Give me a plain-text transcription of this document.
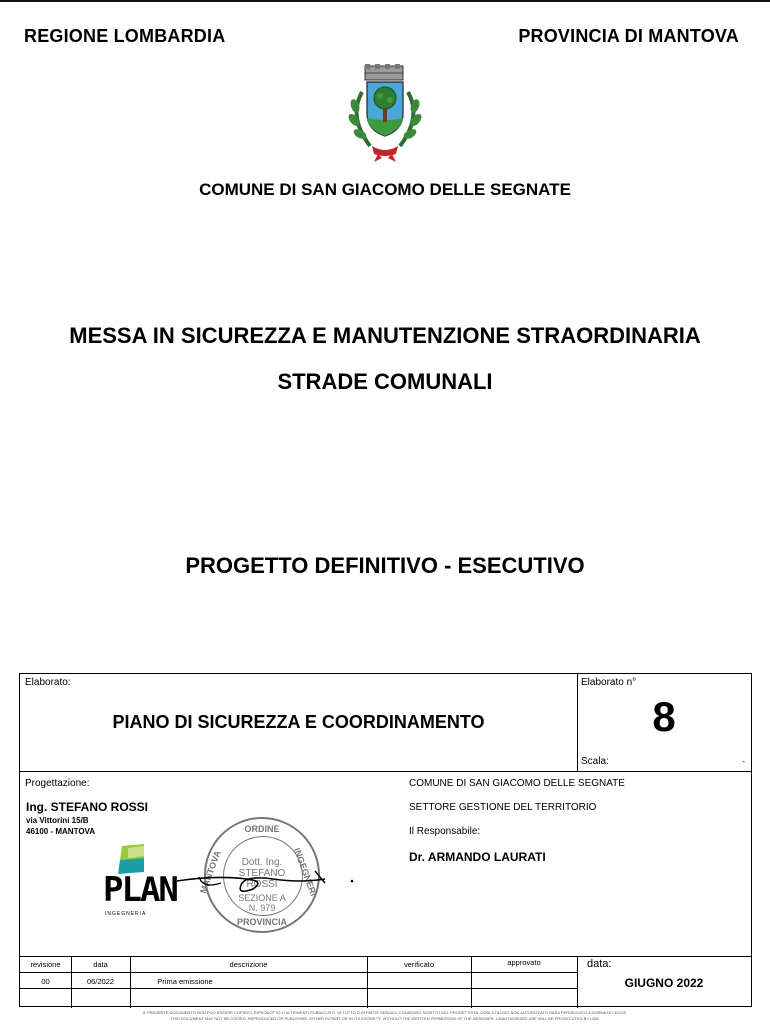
REGIONE LOMBARDIA	PROVINCIA DI MANTOVA
COMUNE DI SAN GIACOMO DELLE SEGNATE
MESSA IN SICUREZZA E MANUTENZIONE STRAORDINARIA
STRADE COMUNALI
PROGETTO DEFINITIVO - ESECUTIVO
Elaborato:
PIANO DI SICUREZZA E COORDINAMENTO
Elaborato n°
8
Scala:	-
Progettazione:
Ing. STEFANO ROSSI
via Vittorini 15/B
46100 - MANTOVA
PLAN
INGEGNERIA
ORDINE
MANTOVA	INGEGNERI
PROVINCIA
Dott. Ing.
STEFANO
ROSSI
SEZIONE A
N. 979
COMUNE DI SAN GIACOMO DELLE SEGNATE
SETTORE GESTIONE DEL TERRITORIO
Il Responsabile:
Dr. ARMANDO LAURATI
revisione	data	descrizione	verificato	approvato
00	06/2022	Prima emissione
data:
GIUGNO 2022
IL PRESENTE DOCUMENTO NON PUO ESSERE COPIATO, RIPRODOTTO O ALTRIMENTI PUBBLICATO, IN TUTTO O IN PARTE SENZA IL CONSENSO SCRITTO DEL PROGETTISTA. OGNI UTILIZZO NON AUTORIZZATO SARA PERSEGUITO A NORMA DI LEGGE.
THIS DOCUMENT MAY NOT BE COPIED, REPRODUCED OR PUBLISHED, EITHER IN PART OR IN ITS ENTIRETY, WITHOUT THE WRITTEN PERMISSION OF THE DESIGNER. UNAUTHORIZED USE WILL BE PROSECUTED BY LAW.
